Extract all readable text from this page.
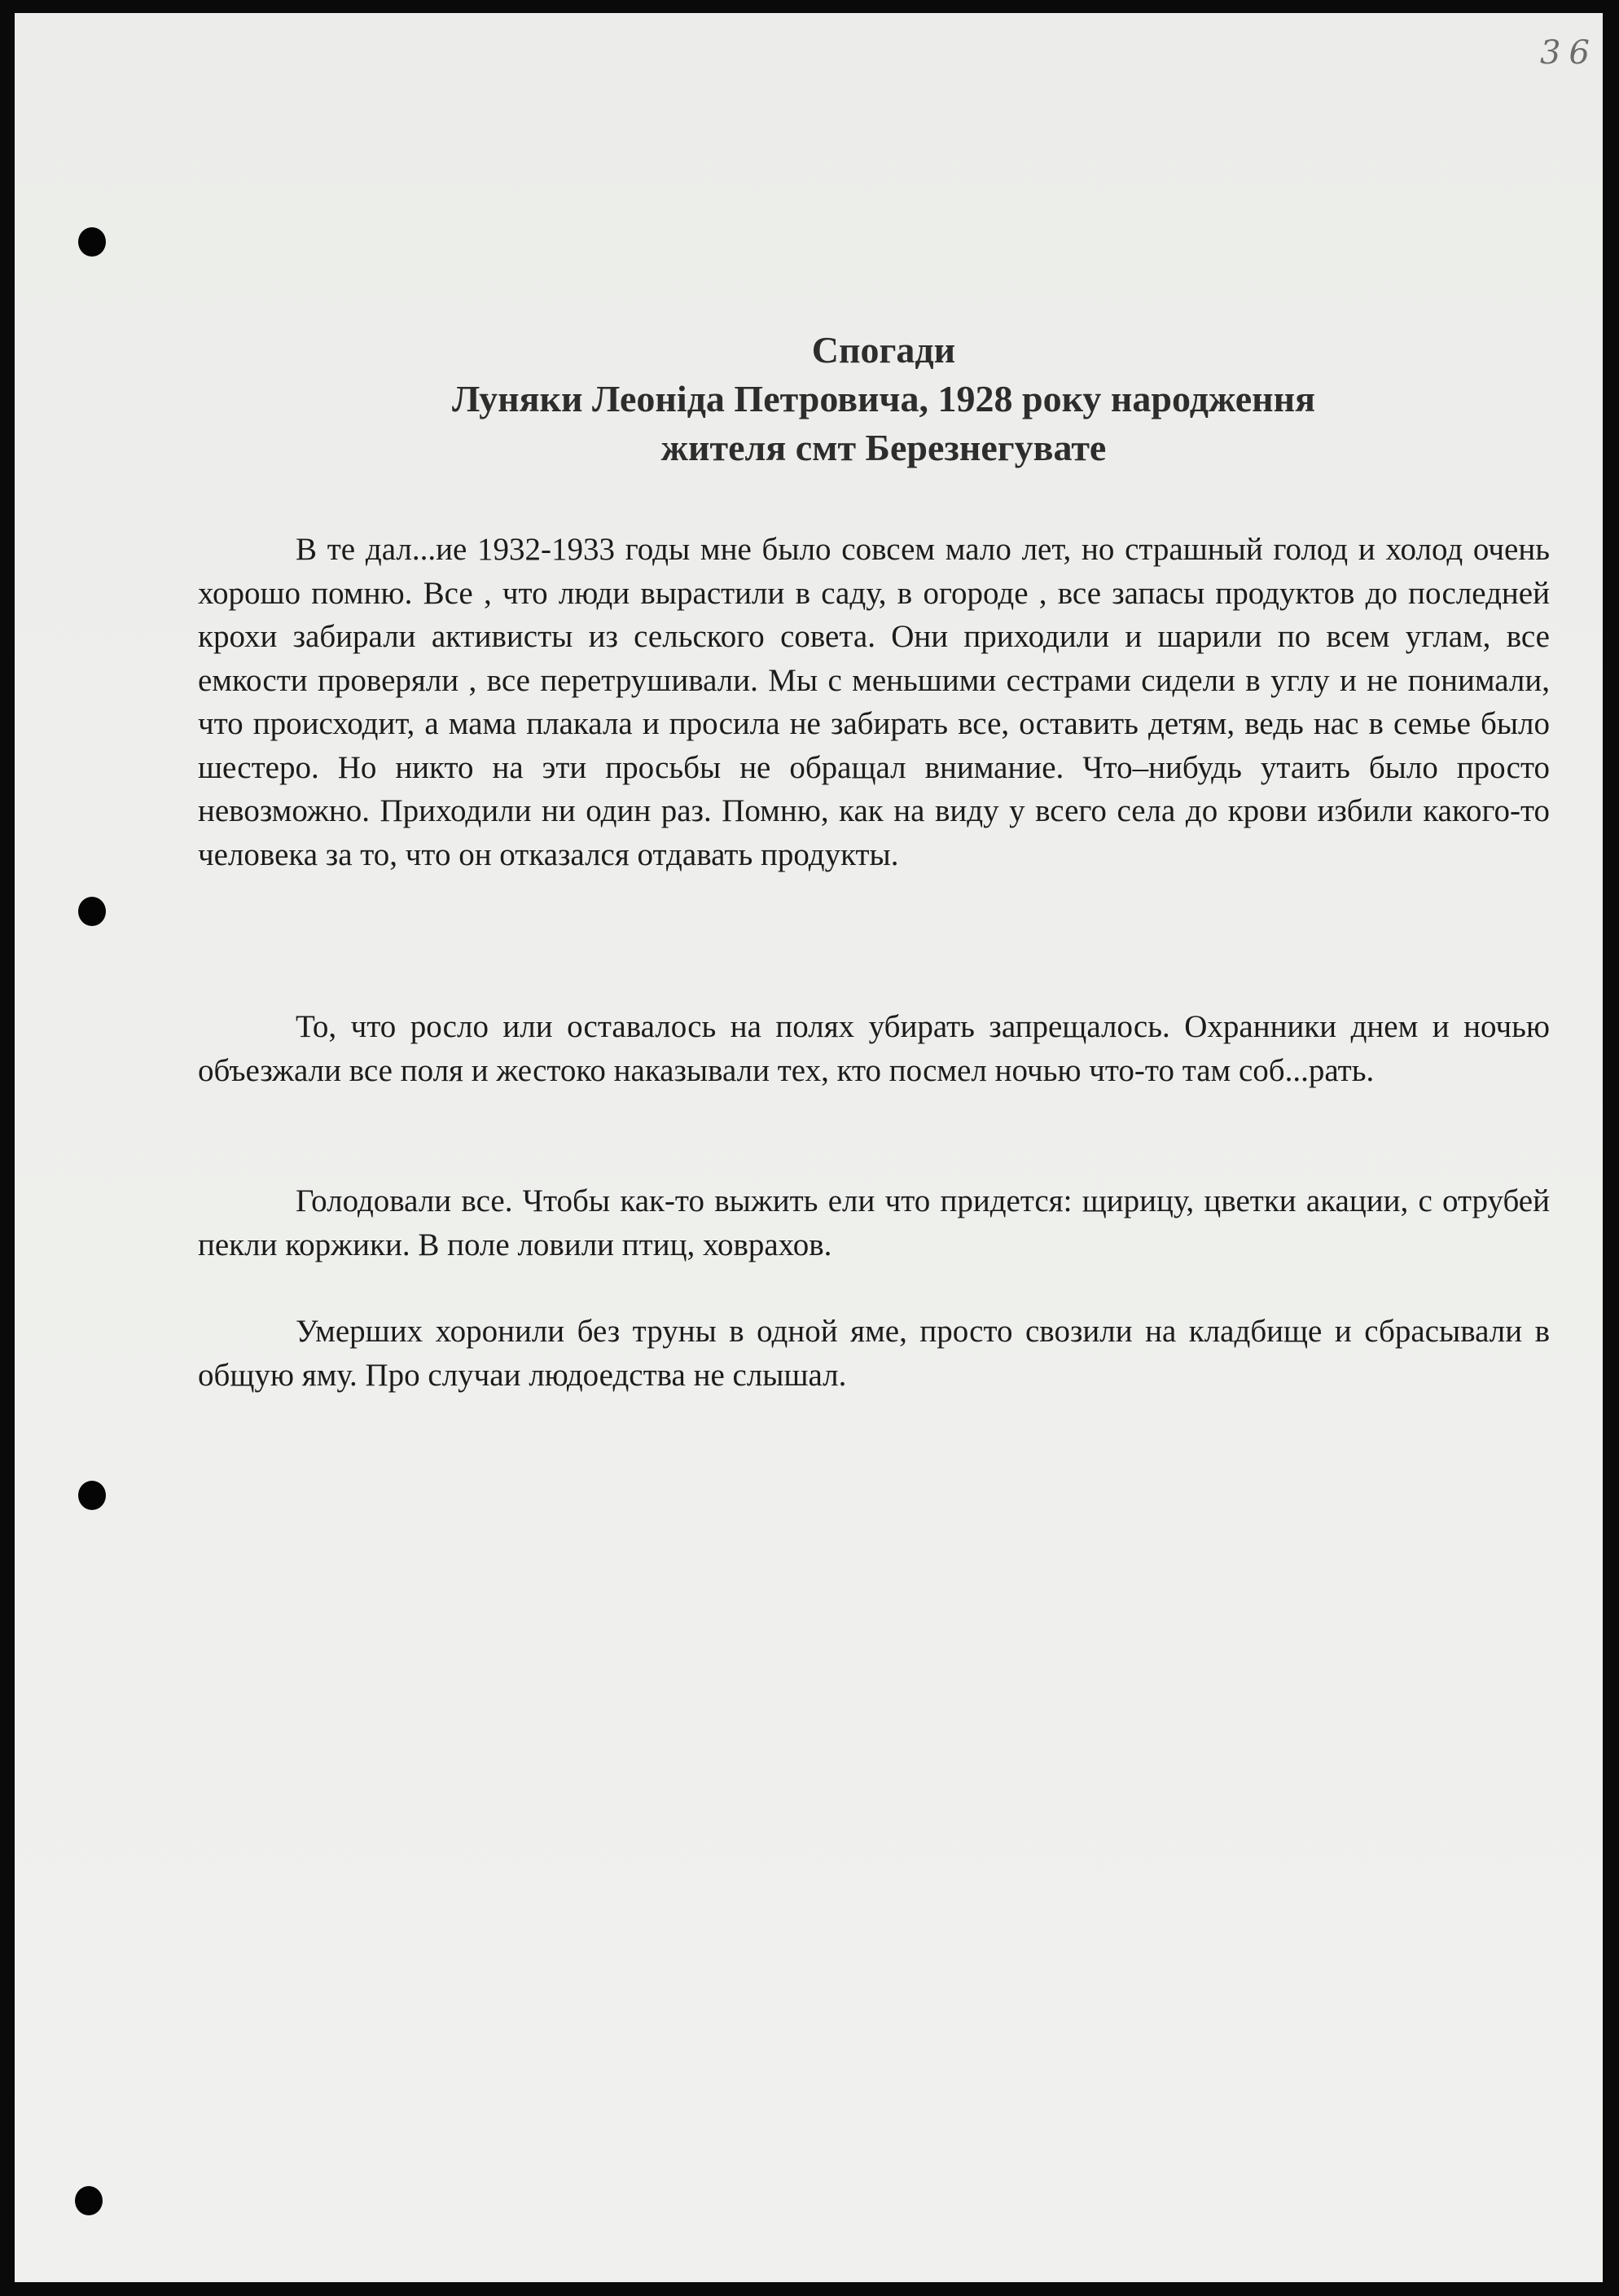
36
Спогади
Луняки Леоніда Петровича, 1928 року народження
жителя смт Березнегувате

В те дал...ие 1932-1933 годы мне было совсем мало лет, но страшный голод и холод очень хорошо помню. Все , что люди вырастили в саду, в огороде , все запасы продуктов до последней крохи забирали активисты из сельского совета. Они приходили и шарили по всем углам, все емкости проверяли , все перетрушивали. Мы с меньшими сестрами сидели в углу и не понимали, что происходит, а мама плакала и просила не забирать все, оставить детям, ведь нас в семье было шестеро. Но никто на эти просьбы не обращал внимание. Что–нибудь утаить было просто невозможно. Приходили ни один раз. Помню, как на виду у всего села до крови избили какого-то человека за то, что он отказался отдавать продукты.

То, что росло или оставалось на полях убирать запрещалось. Охранники днем и ночью объезжали все поля и жестоко наказывали тех, кто посмел ночью что-то там соб...рать.

Голодовали все. Чтобы как-то выжить ели что придется: щирицу, цветки акации, с отрубей пекли коржики. В поле ловили птиц, ховрахов.

Умерших хоронили без труны в одной яме, просто свозили на кладбище и сбрасывали в общую яму. Про случаи людоедства не слышал.
